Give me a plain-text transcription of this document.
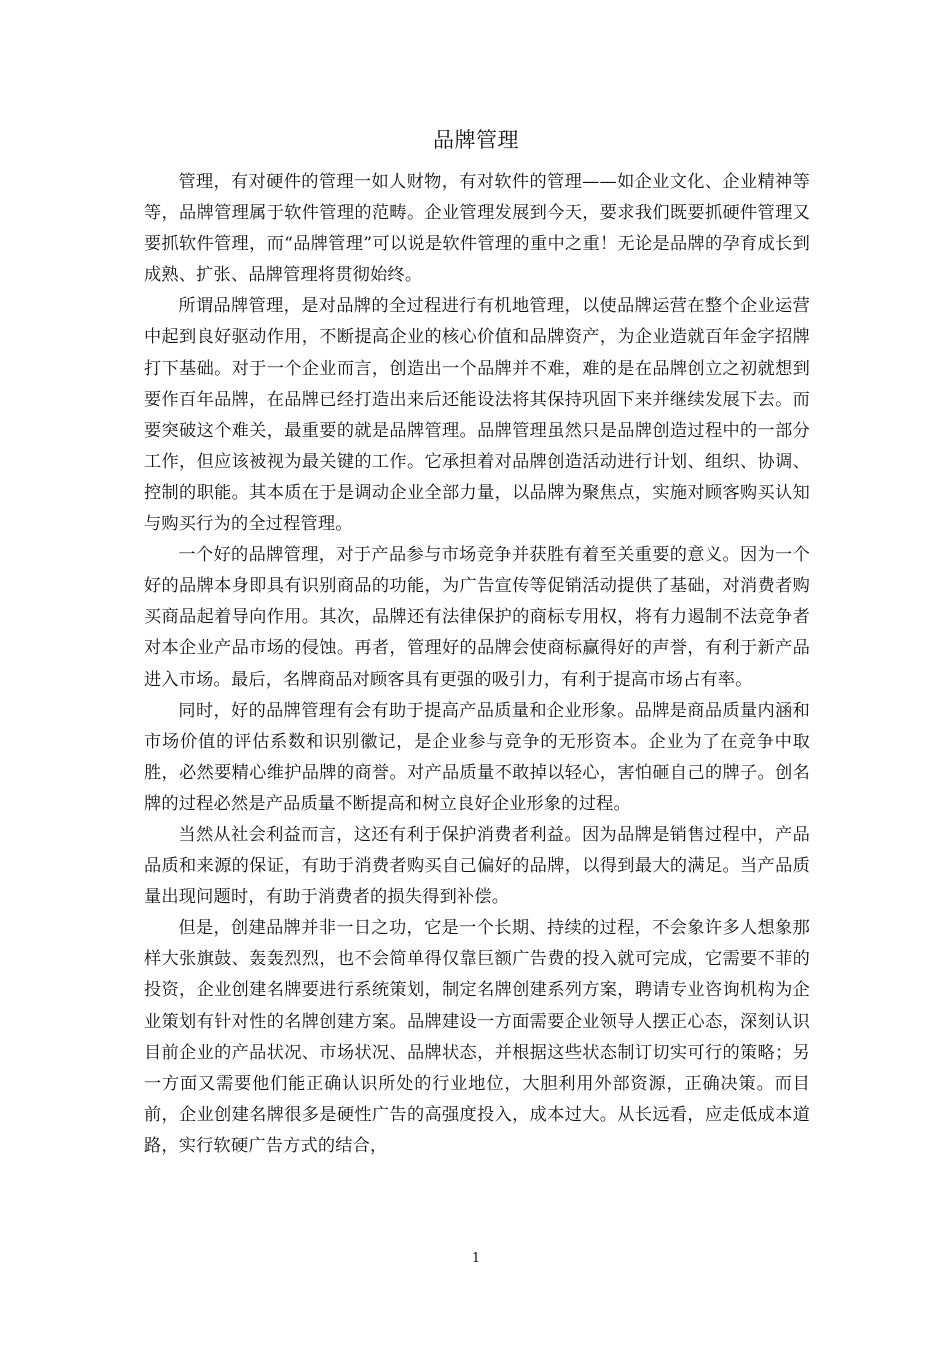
品牌管理

管理，有对硬件的管理一如人财物，有对软件的管理——如企业文化、企业精神等等，品牌管理属于软件管理的范畴。企业管理发展到今天，要求我们既要抓硬件管理又要抓软件管理，而“品牌管理”可以说是软件管理的重中之重！无论是品牌的孕育成长到成熟、扩张、品牌管理将贯彻始终。

所谓品牌管理，是对品牌的全过程进行有机地管理，以使品牌运营在整个企业运营中起到良好驱动作用，不断提高企业的核心价值和品牌资产，为企业造就百年金字招牌打下基础。对于一个企业而言，创造出一个品牌并不难，难的是在品牌创立之初就想到要作百年品牌，在品牌已经打造出来后还能设法将其保持巩固下来并继续发展下去。而要突破这个难关，最重要的就是品牌管理。品牌管理虽然只是品牌创造过程中的一部分工作，但应该被视为最关键的工作。它承担着对品牌创造活动进行计划、组织、协调、控制的职能。其本质在于是调动企业全部力量，以品牌为聚焦点，实施对顾客购买认知与购买行为的全过程管理。

一个好的品牌管理，对于产品参与市场竞争并获胜有着至关重要的意义。因为一个好的品牌本身即具有识别商品的功能，为广告宣传等促销活动提供了基础，对消费者购买商品起着导向作用。其次，品牌还有法律保护的商标专用权，将有力遏制不法竞争者对本企业产品市场的侵蚀。再者，管理好的品牌会使商标赢得好的声誉，有利于新产品进入市场。最后，名牌商品对顾客具有更强的吸引力，有利于提高市场占有率。

同时，好的品牌管理有会有助于提高产品质量和企业形象。品牌是商品质量内涵和市场价值的评估系数和识别徽记，是企业参与竞争的无形资本。企业为了在竞争中取胜，必然要精心维护品牌的商誉。对产品质量不敢掉以轻心，害怕砸自己的牌子。创名牌的过程必然是产品质量不断提高和树立良好企业形象的过程。

当然从社会利益而言，这还有利于保护消费者利益。因为品牌是销售过程中，产品品质和来源的保证，有助于消费者购买自己偏好的品牌，以得到最大的满足。当产品质量出现问题时，有助于消费者的损失得到补偿。

但是，创建品牌并非一日之功，它是一个长期、持续的过程，不会象许多人想象那样大张旗鼓、轰轰烈烈，也不会简单得仅靠巨额广告费的投入就可完成，它需要不菲的投资，企业创建名牌要进行系统策划，制定名牌创建系列方案，聘请专业咨询机构为企业策划有针对性的名牌创建方案。品牌建设一方面需要企业领导人摆正心态，深刻认识目前企业的产品状况、市场状况、品牌状态，并根据这些状态制订切实可行的策略；另一方面又需要他们能正确认识所处的行业地位，大胆利用外部资源，正确决策。而目前，企业创建名牌很多是硬性广告的高强度投入，成本过大。从长远看，应走低成本道路，实行软硬广告方式的结合，

1
